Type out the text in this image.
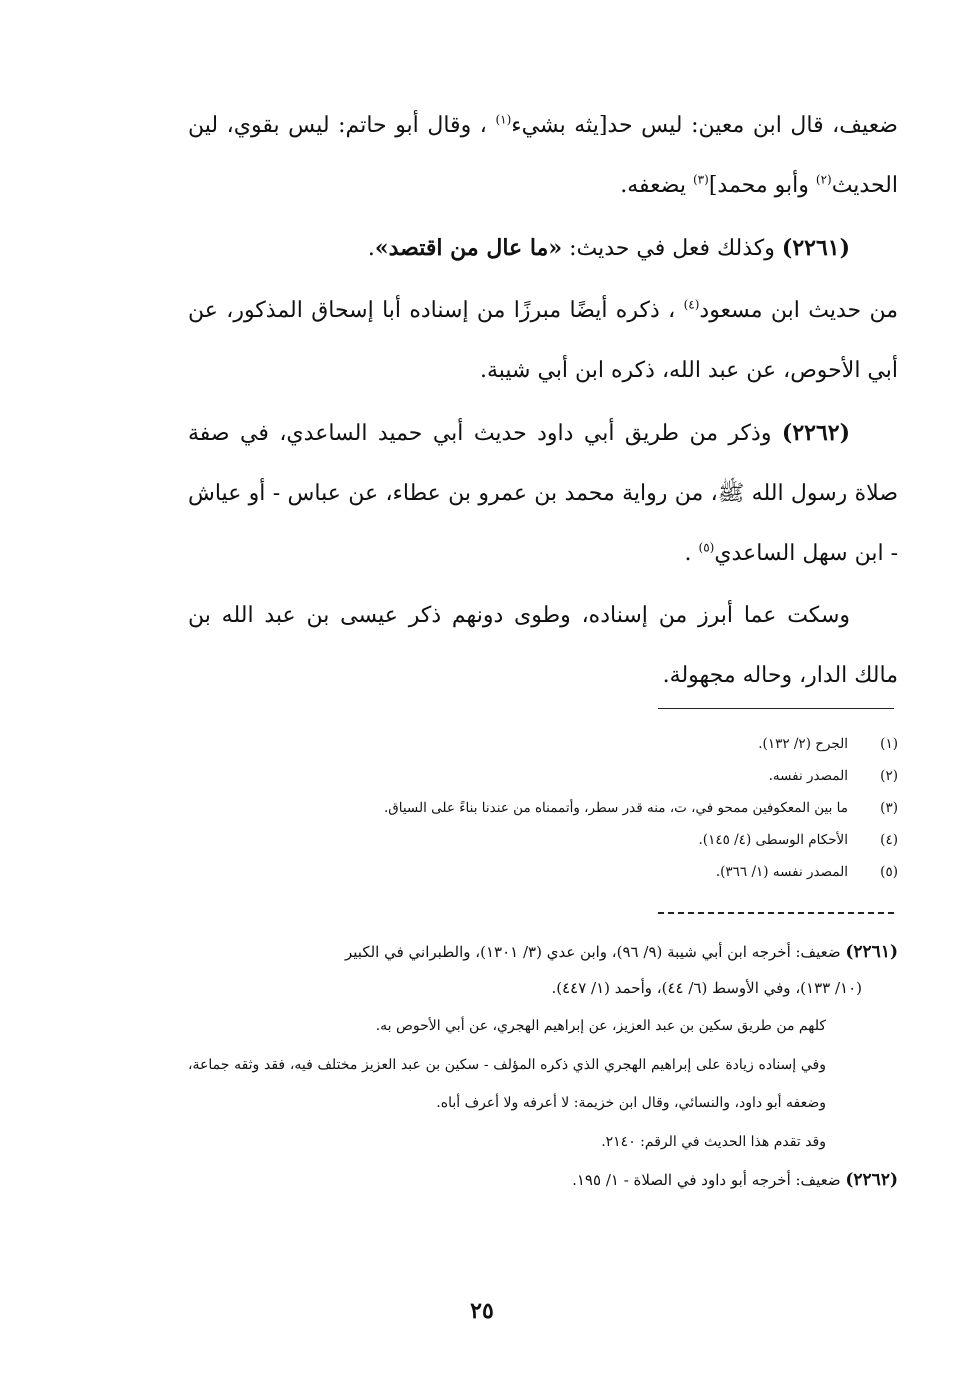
ضعيف، قال ابن معين: ليس حد[يثه بشيء$^{(١)}$ ، وقال أبو حاتم: ليس بقوي، لين الحديث$^{(٢)}$ وأبو محمد]$^{(٣)}$ يضعفه.

(٢٢٦١) وكذلك فعل في حديث: «ما عال من اقتصد».

من حديث ابن مسعود$^{(٤)}$ ، ذكره أيضًا مبرزًا من إسناده أبا إسحاق المذكور، عن أبي الأحوص، عن عبد الله، ذكره ابن أبي شيبة.

(٢٢٦٢) وذكر من طريق أبي داود حديث أبي حميد الساعدي، في صفة صلاة رسول الله ﷺ، من رواية محمد بن عمرو بن عطاء، عن عباس - أو عياش - ابن سهل الساعدي$^{(٥)}$ .

وسكت عما أبرز من إسناده، وطوى دونهم ذكر عيسى بن عبد الله بن مالك الدار، وحاله مجهولة.

(١)
الجرح (٢/ ١٣٢).
(٢)
المصدر نفسه.
(٣)
ما بين المعكوفين ممحو في، ت، منه قدر سطر، وأتممناه من عندنا بناءً على السياق.
(٤)
الأحكام الوسطى (٤/ ١٤٥).
(٥)
المصدر نفسه (١/ ٣٦٦).

(٢٢٦١) ضعيف: أخرجه ابن أبي شيبة (٩/ ٩٦)، وابن عدي (٣/ ١٣٠١)، والطبراني في الكبير

(١٠/ ١٣٣)، وفي الأوسط (٦/ ٤٤)، وأحمد (١/ ٤٤٧).

كلهم من طريق سكين بن عبد العزيز، عن إبراهيم الهجري، عن أبي الأحوص به.

وفي إسناده زيادة على إبراهيم الهجري الذي ذكره المؤلف - سكين بن عبد العزيز مختلف فيه، فقد وثقه جماعة، وضعفه أبو داود، والنسائي، وقال ابن خزيمة: لا أعرفه ولا أعرف أباه.

وقد تقدم هذا الحديث في الرقم: ٢١٤٠.

(٢٢٦٢) ضعيف: أخرجه أبو داود في الصلاة - ١/ ١٩٥.

٢٥
